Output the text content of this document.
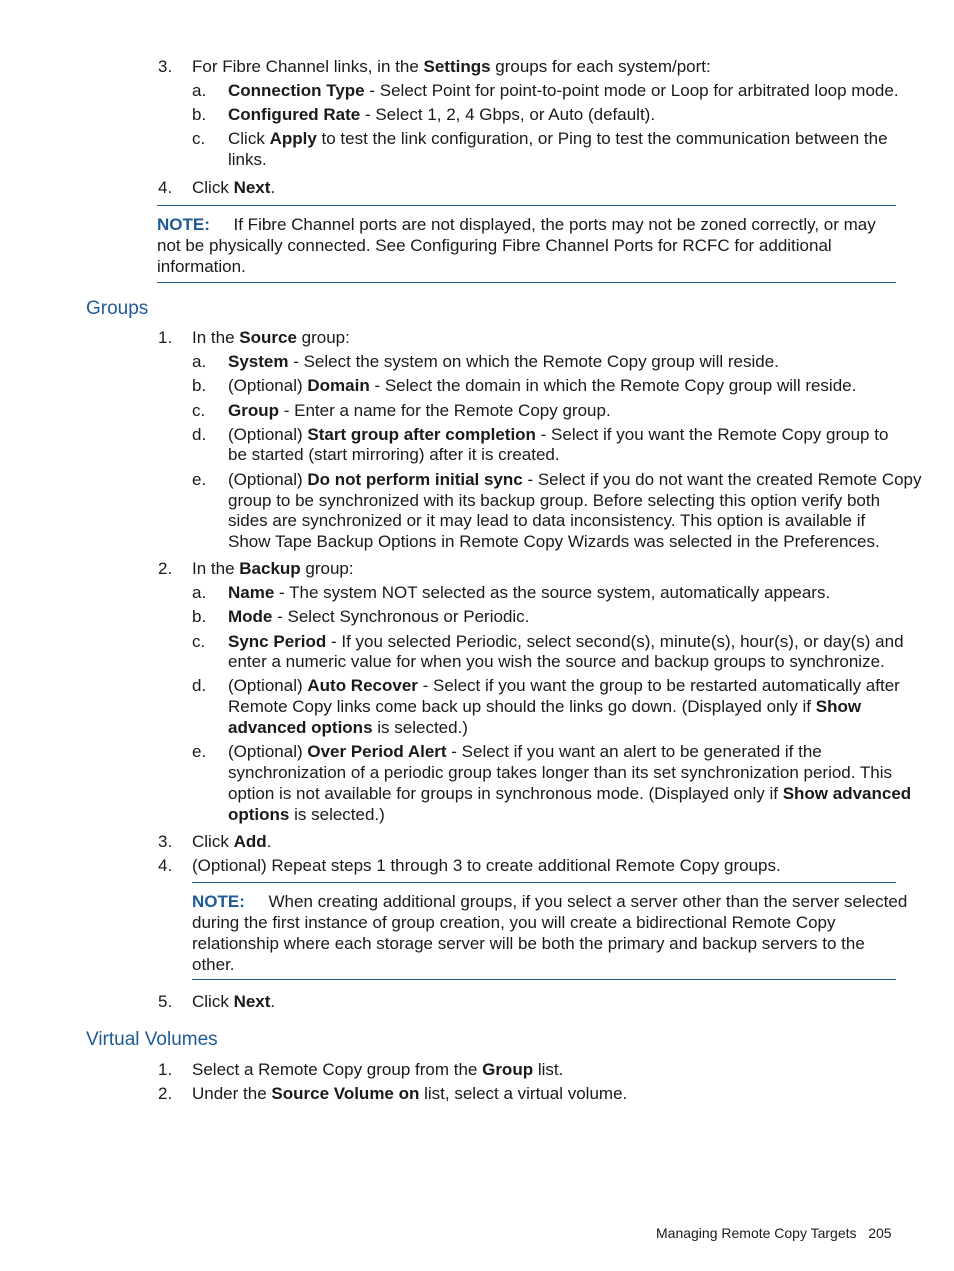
3. For Fibre Channel links, in the Settings groups for each system/port:
a. Connection Type - Select Point for point-to-point mode or Loop for arbitrated loop mode.
b. Configured Rate - Select 1, 2, 4 Gbps, or Auto (default).
c. Click Apply to test the link configuration, or Ping to test the communication between the
links.
4. Click Next.
NOTE: If Fibre Channel ports are not displayed, the ports may not be zoned correctly, or may
not be physically connected. See Configuring Fibre Channel Ports for RCFC for additional
information.
Groups
1. In the Source group:
a. System - Select the system on which the Remote Copy group will reside.
b. (Optional) Domain - Select the domain in which the Remote Copy group will reside.
c. Group - Enter a name for the Remote Copy group.
d. (Optional) Start group after completion - Select if you want the Remote Copy group to
be started (start mirroring) after it is created.
e. (Optional) Do not perform initial sync - Select if you do not want the created Remote Copy
group to be synchronized with its backup group. Before selecting this option verify both
sides are synchronized or it may lead to data inconsistency. This option is available if
Show Tape Backup Options in Remote Copy Wizards was selected in the Preferences.
2. In the Backup group:
a. Name - The system NOT selected as the source system, automatically appears.
b. Mode - Select Synchronous or Periodic.
c. Sync Period - If you selected Periodic, select second(s), minute(s), hour(s), or day(s) and
enter a numeric value for when you wish the source and backup groups to synchronize.
d. (Optional) Auto Recover - Select if you want the group to be restarted automatically after
Remote Copy links come back up should the links go down. (Displayed only if Show
advanced options is selected.)
e. (Optional) Over Period Alert - Select if you want an alert to be generated if the
synchronization of a periodic group takes longer than its set synchronization period. This
option is not available for groups in synchronous mode. (Displayed only if Show advanced
options is selected.)
3. Click Add.
4. (Optional) Repeat steps 1 through 3 to create additional Remote Copy groups.
NOTE: When creating additional groups, if you select a server other than the server selected
during the first instance of group creation, you will create a bidirectional Remote Copy
relationship where each storage server will be both the primary and backup servers to the
other.
5. Click Next.
Virtual Volumes
1. Select a Remote Copy group from the Group list.
2. Under the Source Volume on list, select a virtual volume.
Managing Remote Copy Targets 205
